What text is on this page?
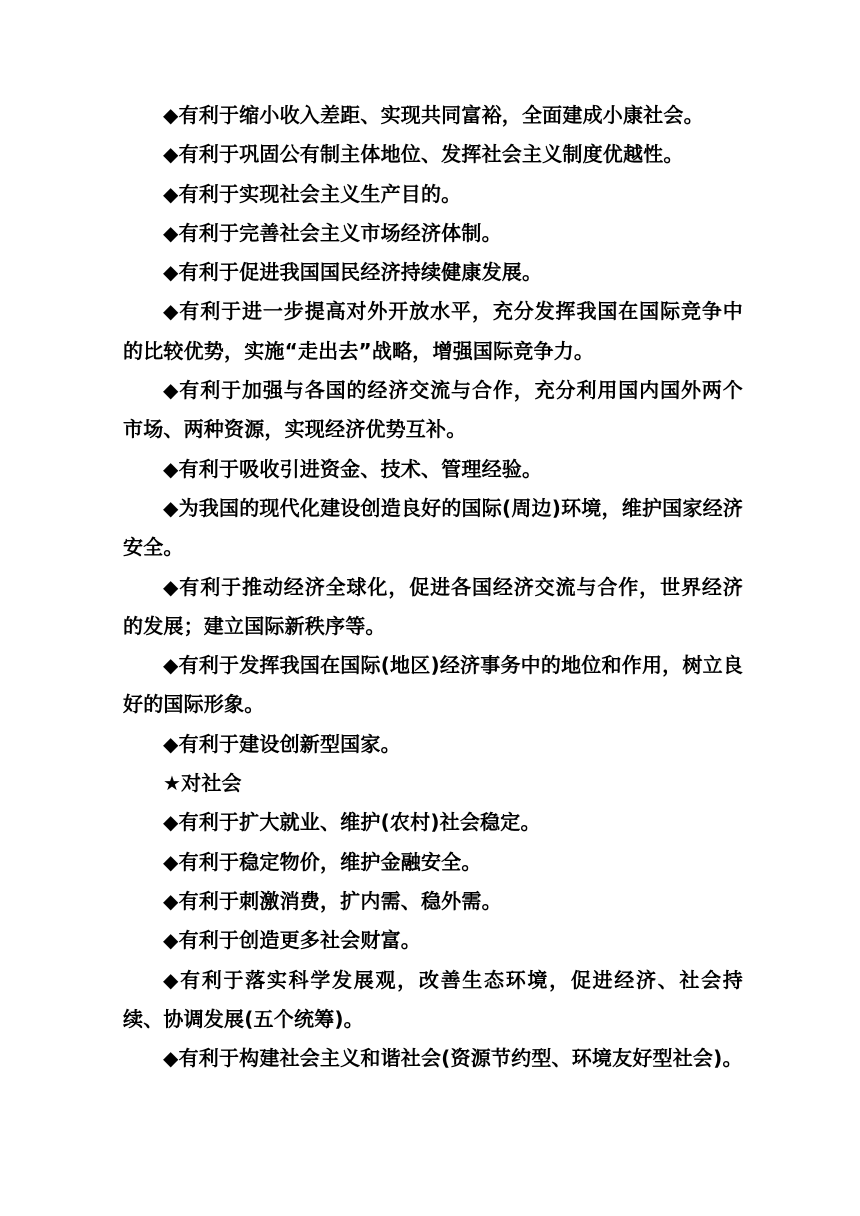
◆有利于缩小收入差距、实现共同富裕，全面建成小康社会。

◆有利于巩固公有制主体地位、发挥社会主义制度优越性。

◆有利于实现社会主义生产目的。

◆有利于完善社会主义市场经济体制。

◆有利于促进我国国民经济持续健康发展。

◆有利于进一步提高对外开放水平，充分发挥我国在国际竞争中的比较优势，实施“走出去”战略，增强国际竞争力。

◆有利于加强与各国的经济交流与合作，充分利用国内国外两个市场、两种资源，实现经济优势互补。

◆有利于吸收引进资金、技术、管理经验。

◆为我国的现代化建设创造良好的国际(周边)环境，维护国家经济安全。

◆有利于推动经济全球化，促进各国经济交流与合作，世界经济的发展；建立国际新秩序等。

◆有利于发挥我国在国际(地区)经济事务中的地位和作用，树立良好的国际形象。

◆有利于建设创新型国家。

★对社会

◆有利于扩大就业、维护(农村)社会稳定。

◆有利于稳定物价，维护金融安全。

◆有利于刺激消费，扩内需、稳外需。

◆有利于创造更多社会财富。

◆有利于落实科学发展观，改善生态环境，促进经济、社会持续、协调发展(五个统筹)。

◆有利于构建社会主义和谐社会(资源节约型、环境友好型社会)。
